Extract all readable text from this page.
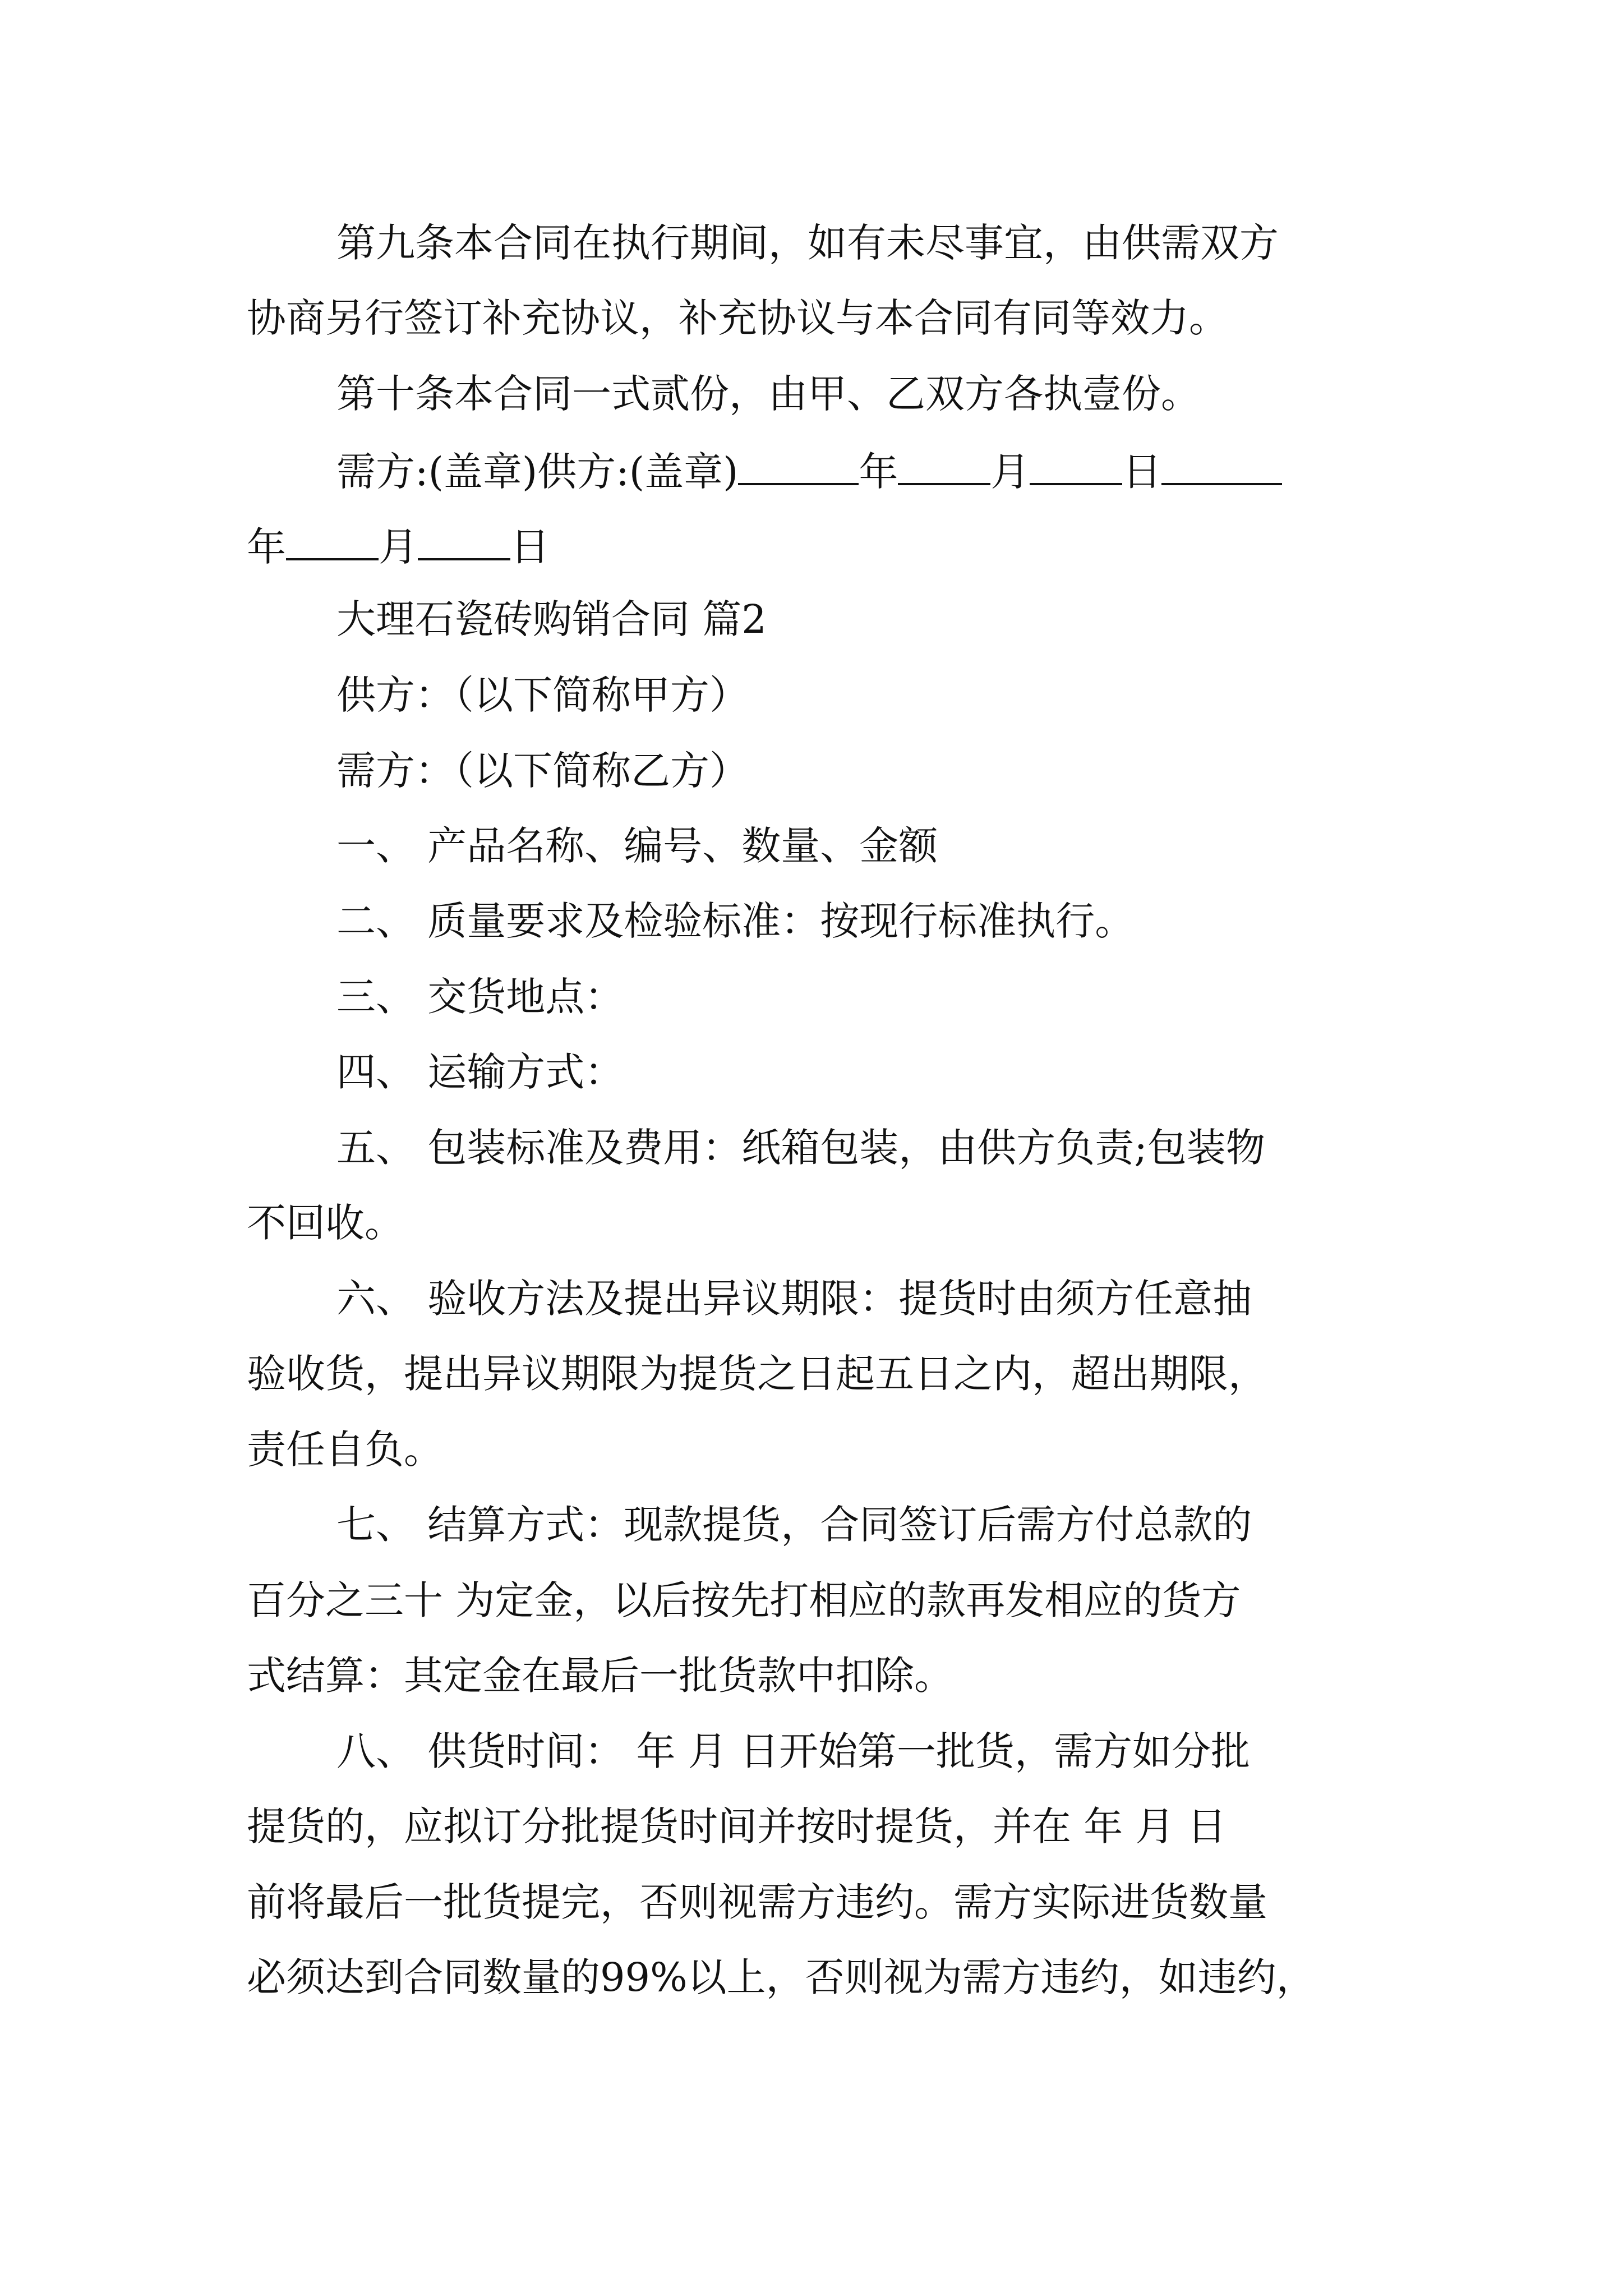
第九条本合同在执行期间，如有未尽事宜，由供需双方
协商另行签订补充协议，补充协议与本合同有同等效力。
第十条本合同一式贰份，由甲、乙双方各执壹份。
需方:(盖章)供方:(盖章)	年 月 日
年 月 日
大理石瓷砖购销合同 篇2
供方：（以下简称甲方）
需方：（以下简称乙方）
一、 产品名称、编号、数量、金额
二、 质量要求及检验标准：按现行标准执行。
三、 交货地点：
四、 运输方式：
五、 包装标准及费用：纸箱包装，由供方负责;包装物
不回收。
六、 验收方法及提出异议期限：提货时由须方任意抽
验收货，提出异议期限为提货之日起五日之内，超出期限，
责任自负。
七、 结算方式：现款提货，合同签订后需方付总款的
百分之三十 为定金，以后按先打相应的款再发相应的货方
式结算：其定金在最后一批货款中扣除。
八、 供货时间： 年 月 日开始第一批货，需方如分批
提货的，应拟订分批提货时间并按时提货，并在 年 月 日
前将最后一批货提完，否则视需方违约。需方实际进货数量
必须达到合同数量的99%以上，否则视为需方违约，如违约，
